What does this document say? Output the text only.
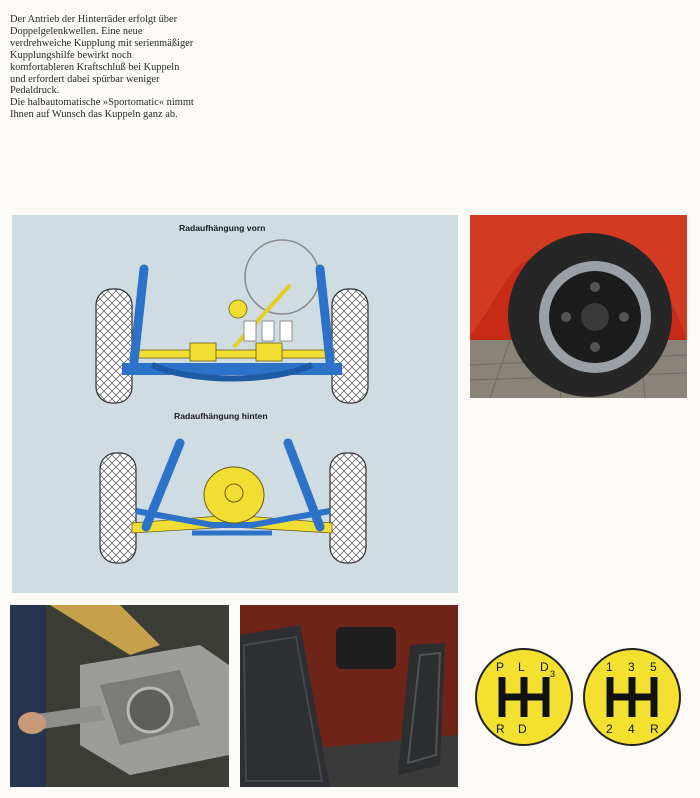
Der Antrieb der Hinterräder erfolgt über
Doppelgelenkwellen. Eine neue
verdrehweiche Kupplung mit serienmäßiger
Kupplungshilfe bewirkt noch
komfortableren Kraftschluß bei Kuppeln
und erfordert dabei spürbar weniger
Pedaldruck.

Die halbautomatische »Sportomatic« nimmt
Ihnen auf Wunsch das Kuppeln ganz ab.

Radaufhängung vorn
Radaufhängung hinten
P L D 3
R D
1 3 5
2 4 R
